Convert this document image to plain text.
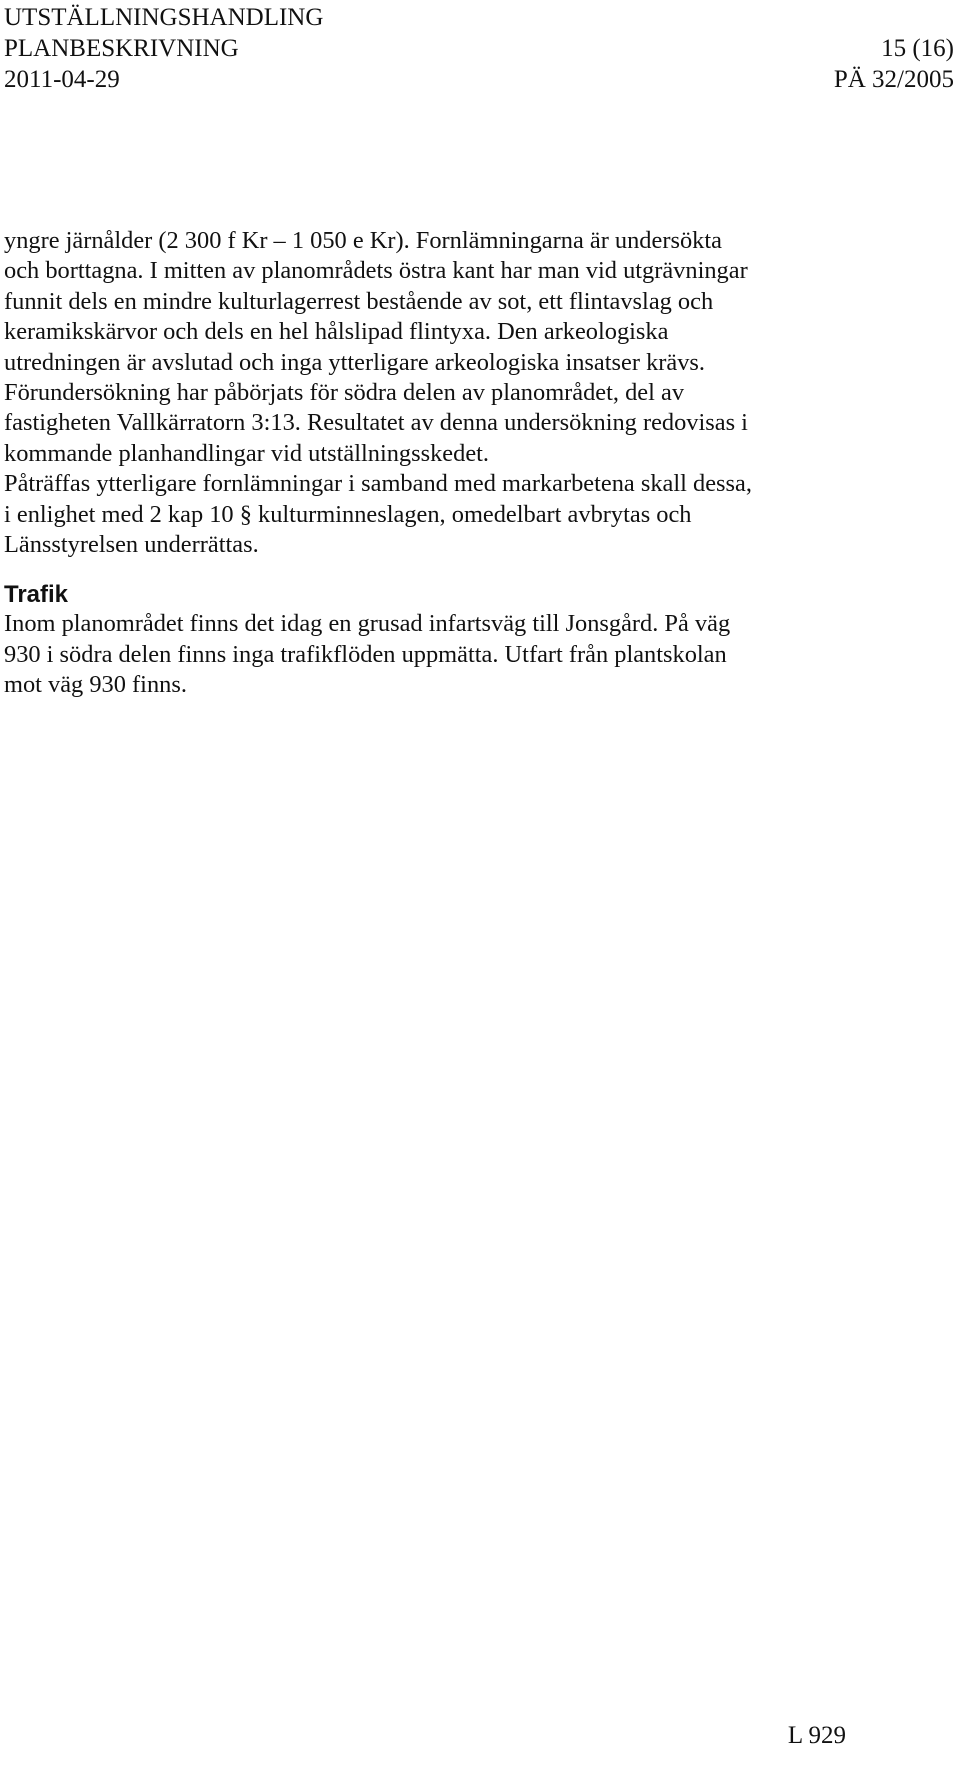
UTSTÄLLNINGSHANDLING
PLANBESKRIVNING	15 (16)
2011-04-29	PÄ 32/2005

yngre järnålder (2 300 f Kr – 1 050 e Kr). Fornlämningarna är undersökta
och borttagna. I mitten av planområdets östra kant har man vid utgrävningar
funnit dels en mindre kulturlagerrest bestående av sot, ett flintavslag och
keramikskärvor och dels en hel hålslipad flintyxa. Den arkeologiska
utredningen är avslutad och inga ytterligare arkeologiska insatser krävs.
Förundersökning har påbörjats för södra delen av planområdet, del av
fastigheten Vallkärratorn 3:13. Resultatet av denna undersökning redovisas i
kommande planhandlingar vid utställningsskedet.
Påträffas ytterligare fornlämningar i samband med markarbetena skall dessa,
i enlighet med 2 kap 10 § kulturminneslagen, omedelbart avbrytas och
Länsstyrelsen underrättas.

Trafik

Inom planområdet finns det idag en grusad infartsväg till Jonsgård. På väg
930 i södra delen finns inga trafikflöden uppmätta. Utfart från plantskolan
mot väg 930 finns.

L 929
